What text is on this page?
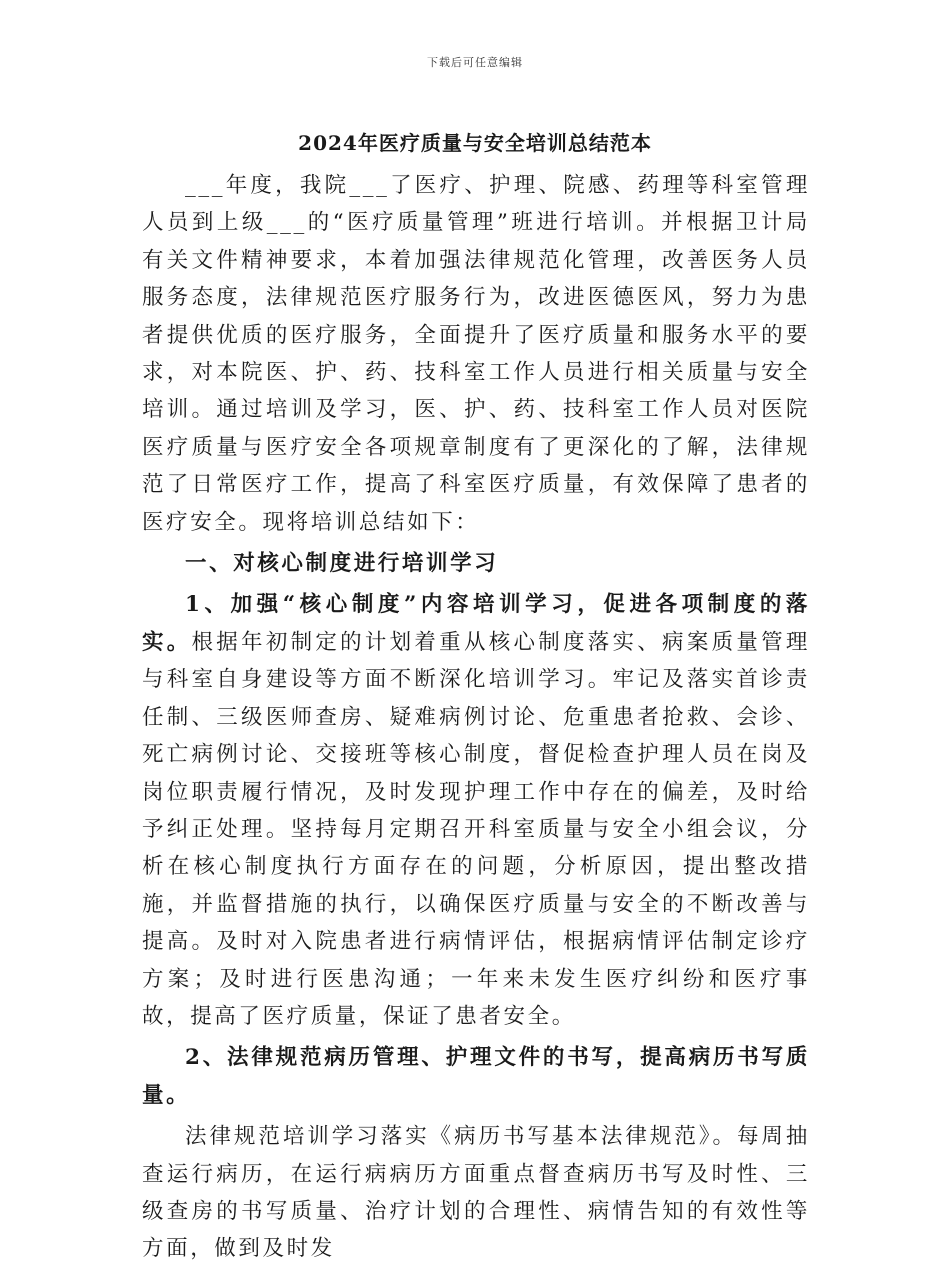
下载后可任意编辑
2024年医疗质量与安全培训总结范本

___年度，我院___了医疗、护理、院感、药理等科室管理人员到上级___的“医疗质量管理”班进行培训。并根据卫计局有关文件精神要求，本着加强法律规范化管理，改善医务人员服务态度，法律规范医疗服务行为，改进医德医风，努力为患者提供优质的医疗服务，全面提升了医疗质量和服务水平的要求，对本院医、护、药、技科室工作人员进行相关质量与安全培训。通过培训及学习，医、护、药、技科室工作人员对医院医疗质量与医疗安全各项规章制度有了更深化的了解，法律规范了日常医疗工作，提高了科室医疗质量，有效保障了患者的医疗安全。现将培训总结如下：

一、对核心制度进行培训学习

1、加强“核心制度”内容培训学习，促进各项制度的落实。根据年初制定的计划着重从核心制度落实、病案质量管理与科室自身建设等方面不断深化培训学习。牢记及落实首诊责任制、三级医师查房、疑难病例讨论、危重患者抢救、会诊、死亡病例讨论、交接班等核心制度，督促检查护理人员在岗及岗位职责履行情况，及时发现护理工作中存在的偏差，及时给予纠正处理。坚持每月定期召开科室质量与安全小组会议，分析在核心制度执行方面存在的问题，分析原因，提出整改措施，并监督措施的执行，以确保医疗质量与安全的不断改善与提高。及时对入院患者进行病情评估，根据病情评估制定诊疗方案；及时进行医患沟通；一年来未发生医疗纠纷和医疗事故，提高了医疗质量，保证了患者安全。

2、法律规范病历管理、护理文件的书写，提高病历书写质量。

法律规范培训学习落实《病历书写基本法律规范》。每周抽查运行病历，在运行病病历方面重点督查病历书写及时性、三级查房的书写质量、治疗计划的合理性、病情告知的有效性等方面，做到及时发
